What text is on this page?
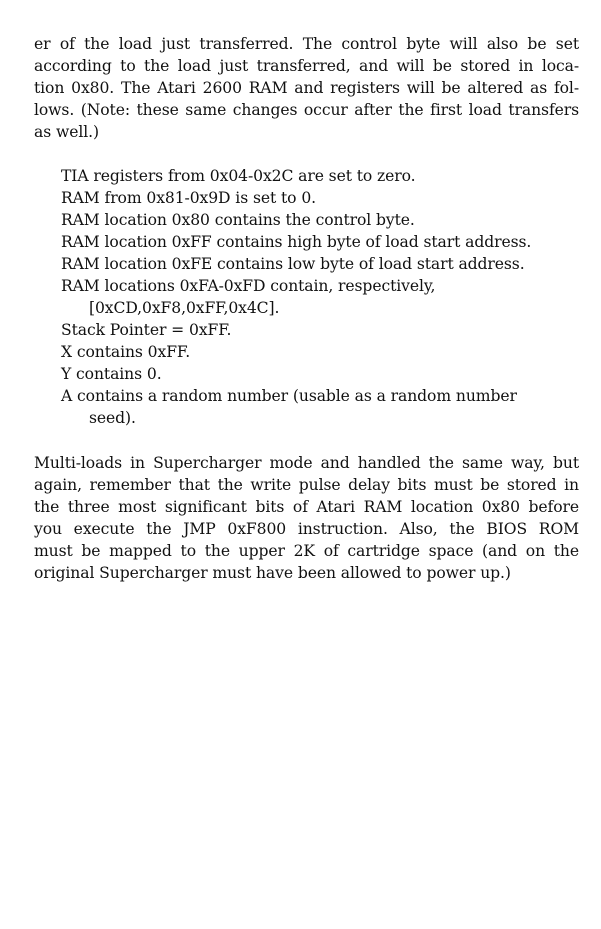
er of the load just transferred. The control byte will also be set
according to the load just transferred, and will be stored in loca-
tion 0x80. The Atari 2600 RAM and registers will be altered as fol-
lows. (Note: these same changes occur after the first load transfers
as well.)
TIA registers from 0x04-0x2C are set to zero.
RAM from 0x81-0x9D is set to 0.
RAM location 0x80 contains the control byte.
RAM location 0xFF contains high byte of load start address.
RAM location 0xFE contains low byte of load start address.
RAM locations 0xFA-0xFD contain, respectively,
[0xCD,0xF8,0xFF,0x4C].
Stack Pointer = 0xFF.
X contains 0xFF.
Y contains 0.
A contains a random number (usable as a random number
seed).
Multi-loads in Supercharger mode and handled the same way, but
again, remember that the write pulse delay bits must be stored in
the three most significant bits of Atari RAM location 0x80 before
you execute the JMP 0xF800 instruction. Also, the BIOS ROM
must be mapped to the upper 2K of cartridge space (and on the
original Supercharger must have been allowed to power up.)
